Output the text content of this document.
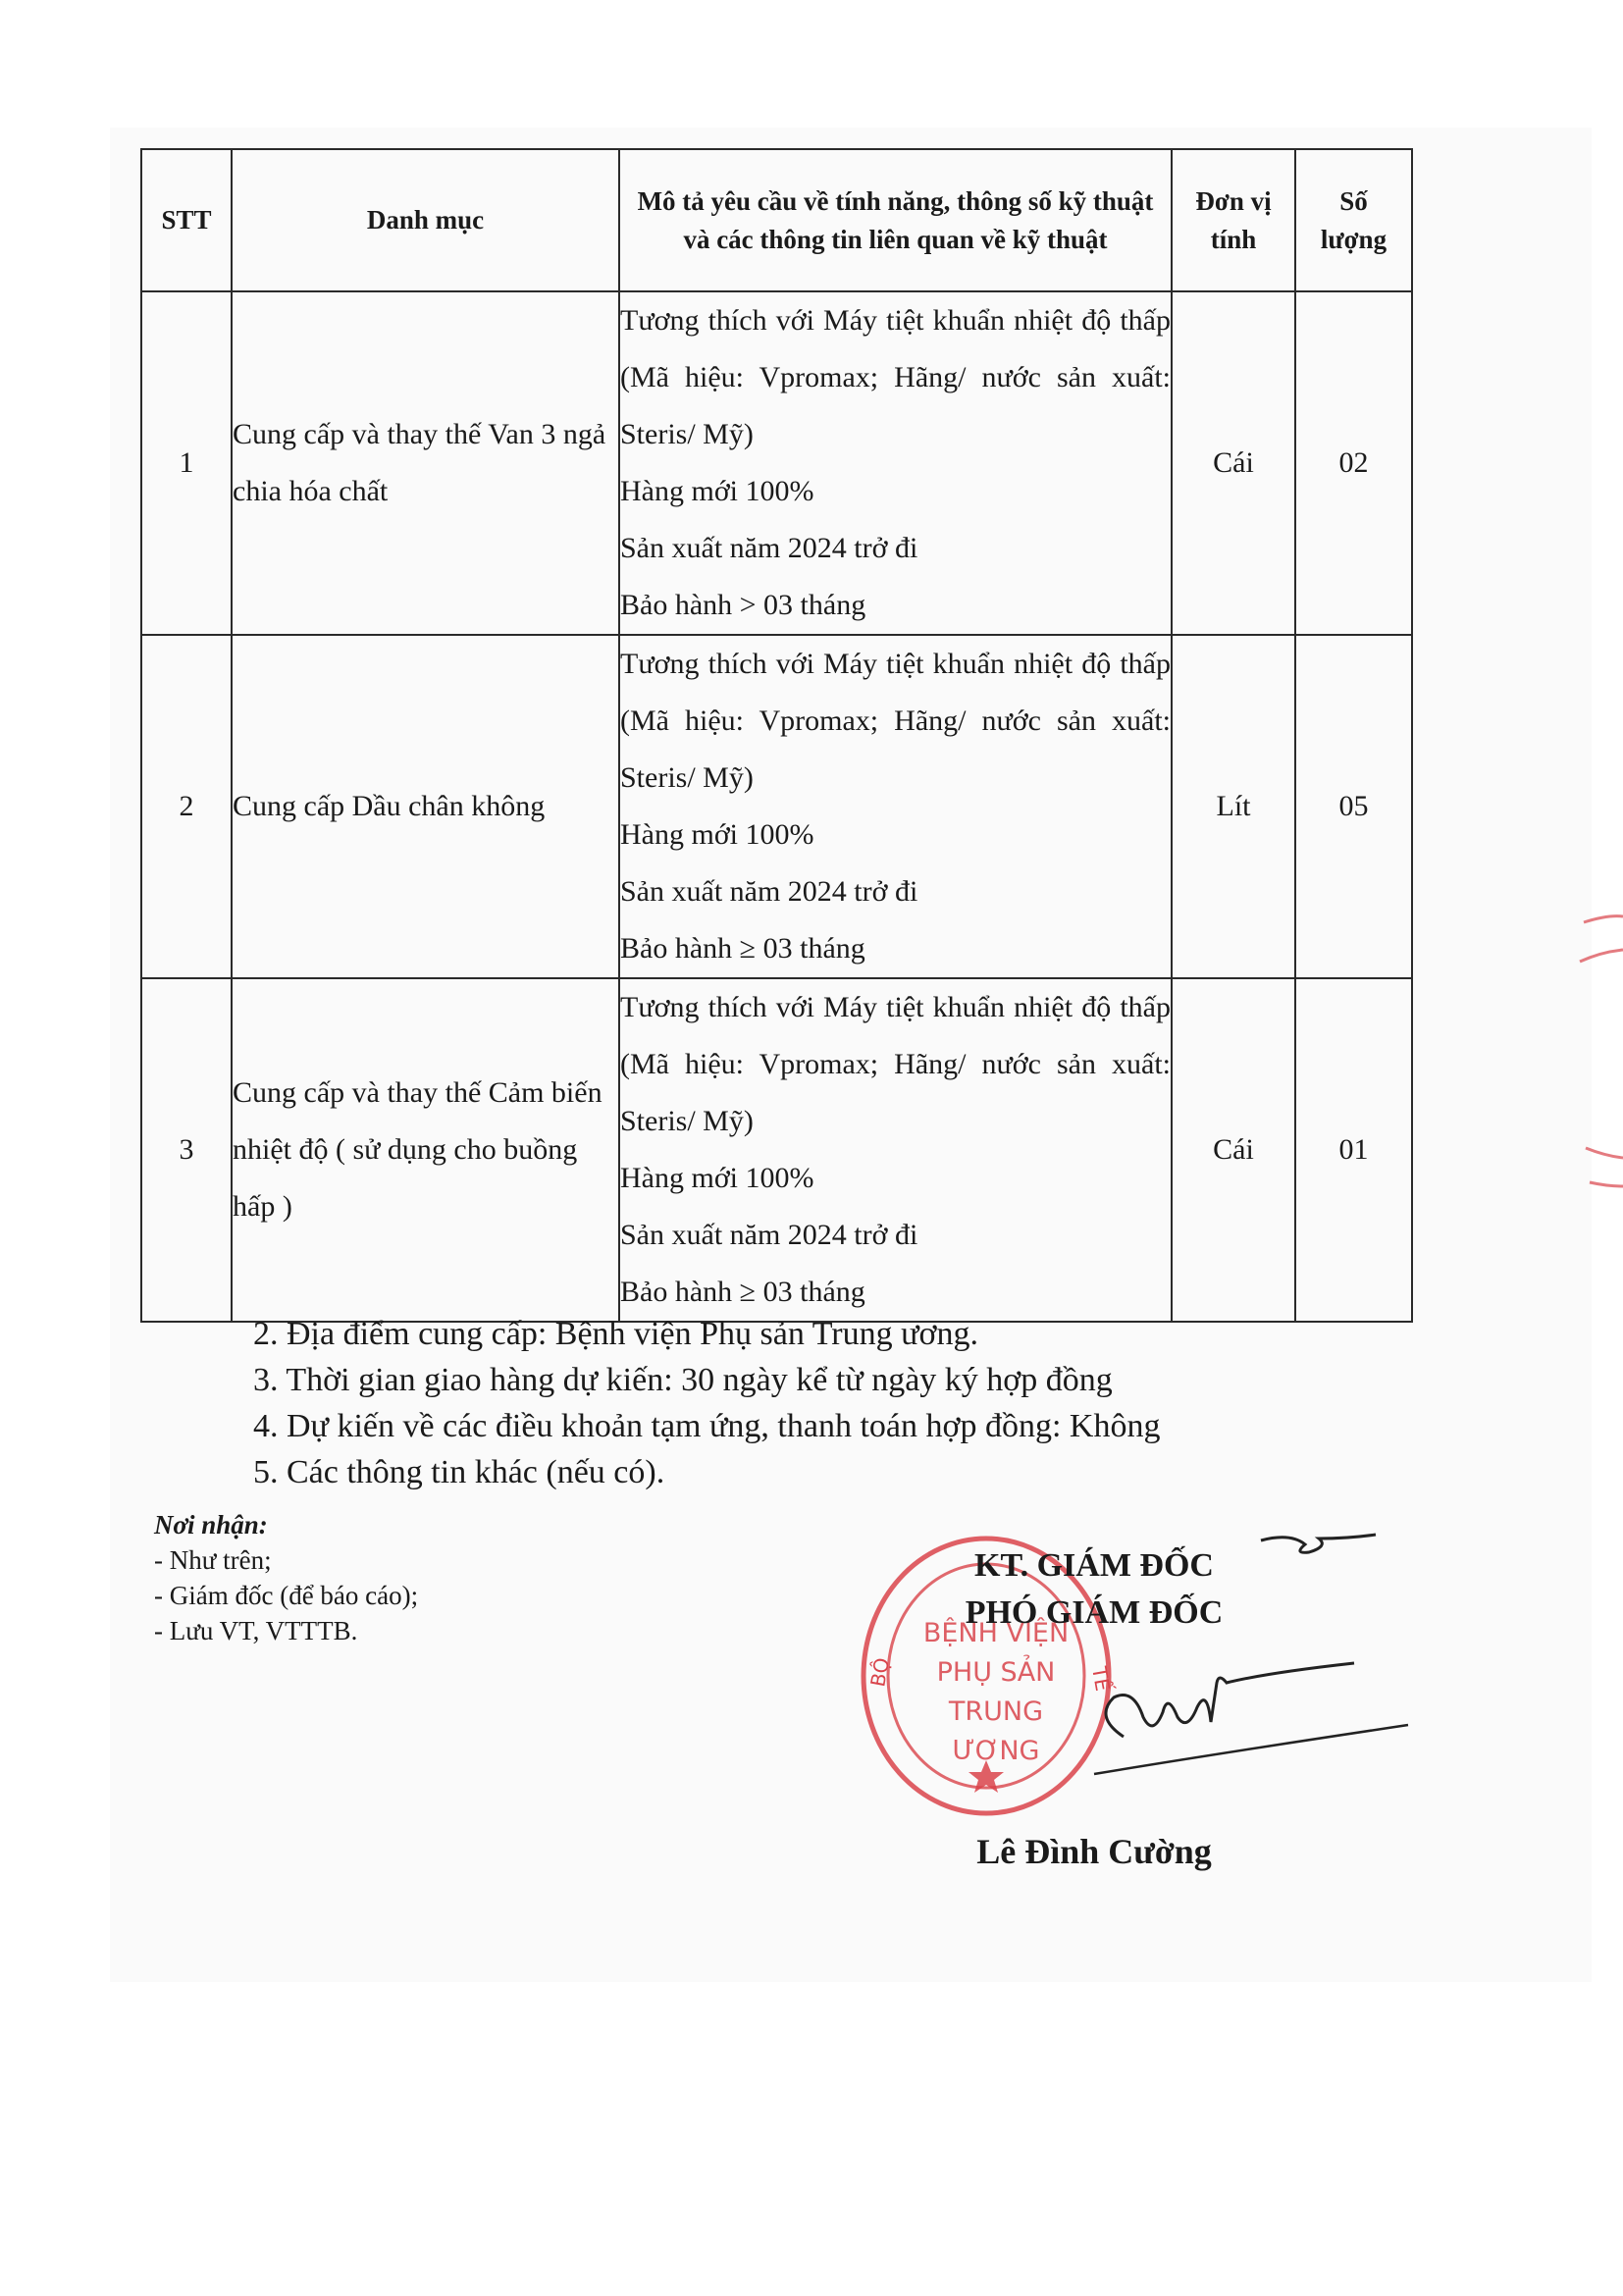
STT	Danh mục	Mô tả yêu cầu về tính năng, thông số kỹ thuật và các thông tin liên quan về kỹ thuật	Đơn vị tính	Số lượng
1	Cung cấp và thay thế Van 3 ngả chia hóa chất	Tương thích với Máy tiệt khuẩn nhiệt độ thấp (Mã hiệu: Vpromax; Hãng/ nước sản xuất: Steris/ Mỹ)
Hàng mới 100%
Sản xuất năm 2024 trở đi
Bảo hành > 03 tháng	Cái	02
2	Cung cấp Dầu chân không	Tương thích với Máy tiệt khuẩn nhiệt độ thấp (Mã hiệu: Vpromax; Hãng/ nước sản xuất: Steris/ Mỹ)
Hàng mới 100%
Sản xuất năm 2024 trở đi
Bảo hành ≥ 03 tháng	Lít	05
3	Cung cấp và thay thế Cảm biến nhiệt độ ( sử dụng cho buồng hấp )	Tương thích với Máy tiệt khuẩn nhiệt độ thấp (Mã hiệu: Vpromax; Hãng/ nước sản xuất: Steris/ Mỹ)
Hàng mới 100%
Sản xuất năm 2024 trở đi
Bảo hành ≥ 03 tháng	Cái	01
2. Địa điểm cung cấp: Bệnh viện Phụ sản Trung ương.
3. Thời gian giao hàng dự kiến: 30 ngày kể từ ngày ký hợp đồng
4. Dự kiến về các điều khoản tạm ứng, thanh toán hợp đồng: Không
5. Các thông tin khác (nếu có).
Nơi nhận:
- Như trên;
- Giám đốc (để báo cáo);
- Lưu VT, VTTTB.
BỘ	TẾ
BỆNH VIỆN
PHỤ SẢN
TRUNG ƯƠNG
KT. GIÁM ĐỐC
PHÓ GIÁM ĐỐC
Lê Đình Cường
